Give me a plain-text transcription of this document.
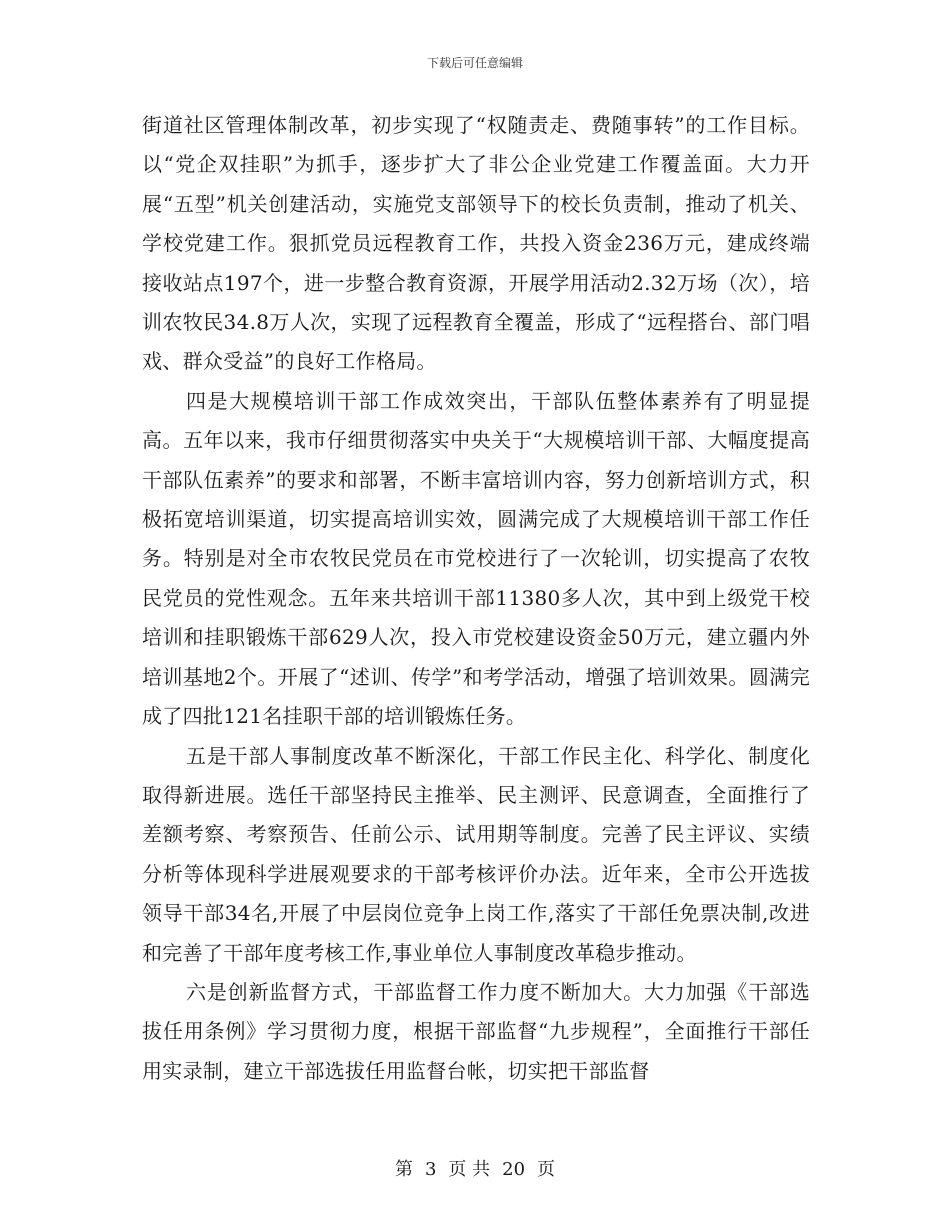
下载后可任意编辑

街道社区管理体制改革，初步实现了“权随责走、费随事转”的工作目标。以“党企双挂职”为抓手，逐步扩大了非公企业党建工作覆盖面。大力开展“五型”机关创建活动，实施党支部领导下的校长负责制，推动了机关、学校党建工作。狠抓党员远程教育工作，共投入资金236万元，建成终端接收站点197个，进一步整合教育资源，开展学用活动2.32万场（次），培训农牧民34.8万人次，实现了远程教育全覆盖，形成了“远程搭台、部门唱戏、群众受益”的良好工作格局。

四是大规模培训干部工作成效突出，干部队伍整体素养有了明显提高。五年以来，我市仔细贯彻落实中央关于“大规模培训干部、大幅度提高干部队伍素养”的要求和部署，不断丰富培训内容，努力创新培训方式，积极拓宽培训渠道，切实提高培训实效，圆满完成了大规模培训干部工作任务。特别是对全市农牧民党员在市党校进行了一次轮训，切实提高了农牧民党员的党性观念。五年来共培训干部11380多人次，其中到上级党干校培训和挂职锻炼干部629人次，投入市党校建设资金50万元，建立疆内外培训基地2个。开展了“述训、传学”和考学活动，增强了培训效果。圆满完成了四批121名挂职干部的培训锻炼任务。

五是干部人事制度改革不断深化，干部工作民主化、科学化、制度化取得新进展。选任干部坚持民主推举、民主测评、民意调查，全面推行了差额考察、考察预告、任前公示、试用期等制度。完善了民主评议、实绩分析等体现科学进展观要求的干部考核评价办法。近年来，全市公开选拔领导干部34名,开展了中层岗位竞争上岗工作,落实了干部任免票决制,改进和完善了干部年度考核工作,事业单位人事制度改革稳步推动。

六是创新监督方式，干部监督工作力度不断加大。大力加强《干部选拔任用条例》学习贯彻力度，根据干部监督“九步规程”，全面推行干部任用实录制，建立干部选拔任用监督台帐，切实把干部监督

第 3 页 共 20 页
